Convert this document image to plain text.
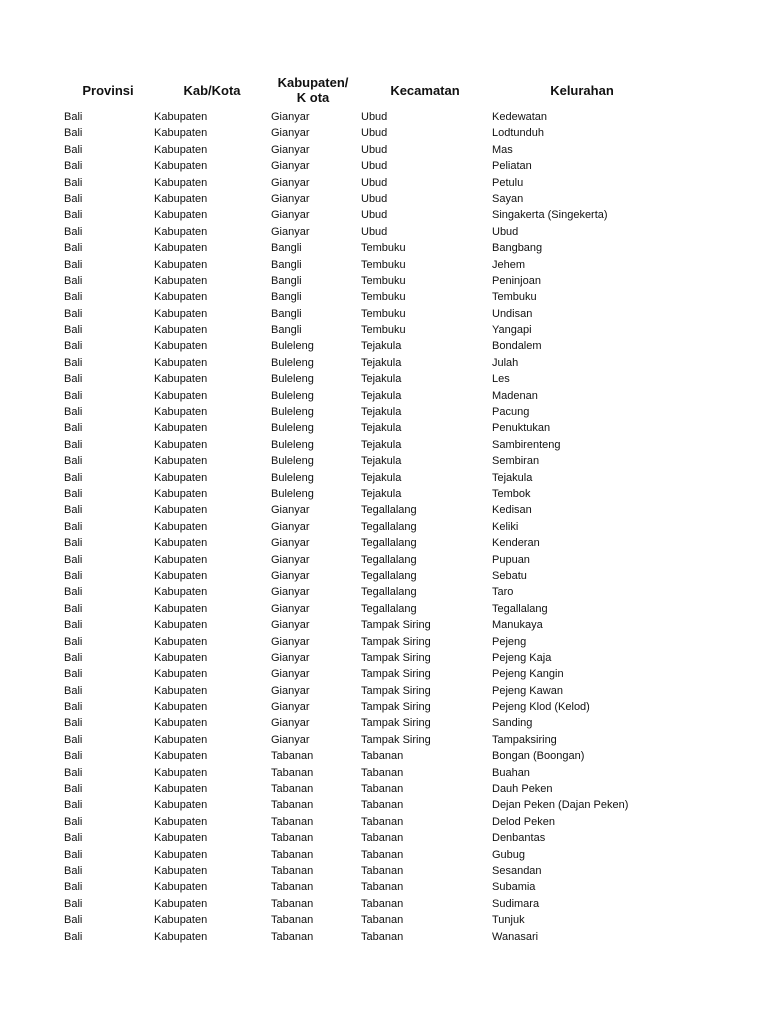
Provinsi	Kab/Kota	Kabupaten/K ota	Kecamatan	Kelurahan
Bali	Kabupaten	Gianyar	Ubud	Kedewatan
Bali	Kabupaten	Gianyar	Ubud	Lodtunduh
Bali	Kabupaten	Gianyar	Ubud	Mas
Bali	Kabupaten	Gianyar	Ubud	Peliatan
Bali	Kabupaten	Gianyar	Ubud	Petulu
Bali	Kabupaten	Gianyar	Ubud	Sayan
Bali	Kabupaten	Gianyar	Ubud	Singakerta (Singekerta)
Bali	Kabupaten	Gianyar	Ubud	Ubud
Bali	Kabupaten	Bangli	Tembuku	Bangbang
Bali	Kabupaten	Bangli	Tembuku	Jehem
Bali	Kabupaten	Bangli	Tembuku	Peninjoan
Bali	Kabupaten	Bangli	Tembuku	Tembuku
Bali	Kabupaten	Bangli	Tembuku	Undisan
Bali	Kabupaten	Bangli	Tembuku	Yangapi
Bali	Kabupaten	Buleleng	Tejakula	Bondalem
Bali	Kabupaten	Buleleng	Tejakula	Julah
Bali	Kabupaten	Buleleng	Tejakula	Les
Bali	Kabupaten	Buleleng	Tejakula	Madenan
Bali	Kabupaten	Buleleng	Tejakula	Pacung
Bali	Kabupaten	Buleleng	Tejakula	Penuktukan
Bali	Kabupaten	Buleleng	Tejakula	Sambirenteng
Bali	Kabupaten	Buleleng	Tejakula	Sembiran
Bali	Kabupaten	Buleleng	Tejakula	Tejakula
Bali	Kabupaten	Buleleng	Tejakula	Tembok
Bali	Kabupaten	Gianyar	Tegallalang	Kedisan
Bali	Kabupaten	Gianyar	Tegallalang	Keliki
Bali	Kabupaten	Gianyar	Tegallalang	Kenderan
Bali	Kabupaten	Gianyar	Tegallalang	Pupuan
Bali	Kabupaten	Gianyar	Tegallalang	Sebatu
Bali	Kabupaten	Gianyar	Tegallalang	Taro
Bali	Kabupaten	Gianyar	Tegallalang	Tegallalang
Bali	Kabupaten	Gianyar	Tampak Siring	Manukaya
Bali	Kabupaten	Gianyar	Tampak Siring	Pejeng
Bali	Kabupaten	Gianyar	Tampak Siring	Pejeng Kaja
Bali	Kabupaten	Gianyar	Tampak Siring	Pejeng Kangin
Bali	Kabupaten	Gianyar	Tampak Siring	Pejeng Kawan
Bali	Kabupaten	Gianyar	Tampak Siring	Pejeng Klod (Kelod)
Bali	Kabupaten	Gianyar	Tampak Siring	Sanding
Bali	Kabupaten	Gianyar	Tampak Siring	Tampaksiring
Bali	Kabupaten	Tabanan	Tabanan	Bongan (Boongan)
Bali	Kabupaten	Tabanan	Tabanan	Buahan
Bali	Kabupaten	Tabanan	Tabanan	Dauh Peken
Bali	Kabupaten	Tabanan	Tabanan	Dejan Peken (Dajan Peken)
Bali	Kabupaten	Tabanan	Tabanan	Delod Peken
Bali	Kabupaten	Tabanan	Tabanan	Denbantas
Bali	Kabupaten	Tabanan	Tabanan	Gubug
Bali	Kabupaten	Tabanan	Tabanan	Sesandan
Bali	Kabupaten	Tabanan	Tabanan	Subamia
Bali	Kabupaten	Tabanan	Tabanan	Sudimara
Bali	Kabupaten	Tabanan	Tabanan	Tunjuk
Bali	Kabupaten	Tabanan	Tabanan	Wanasari
